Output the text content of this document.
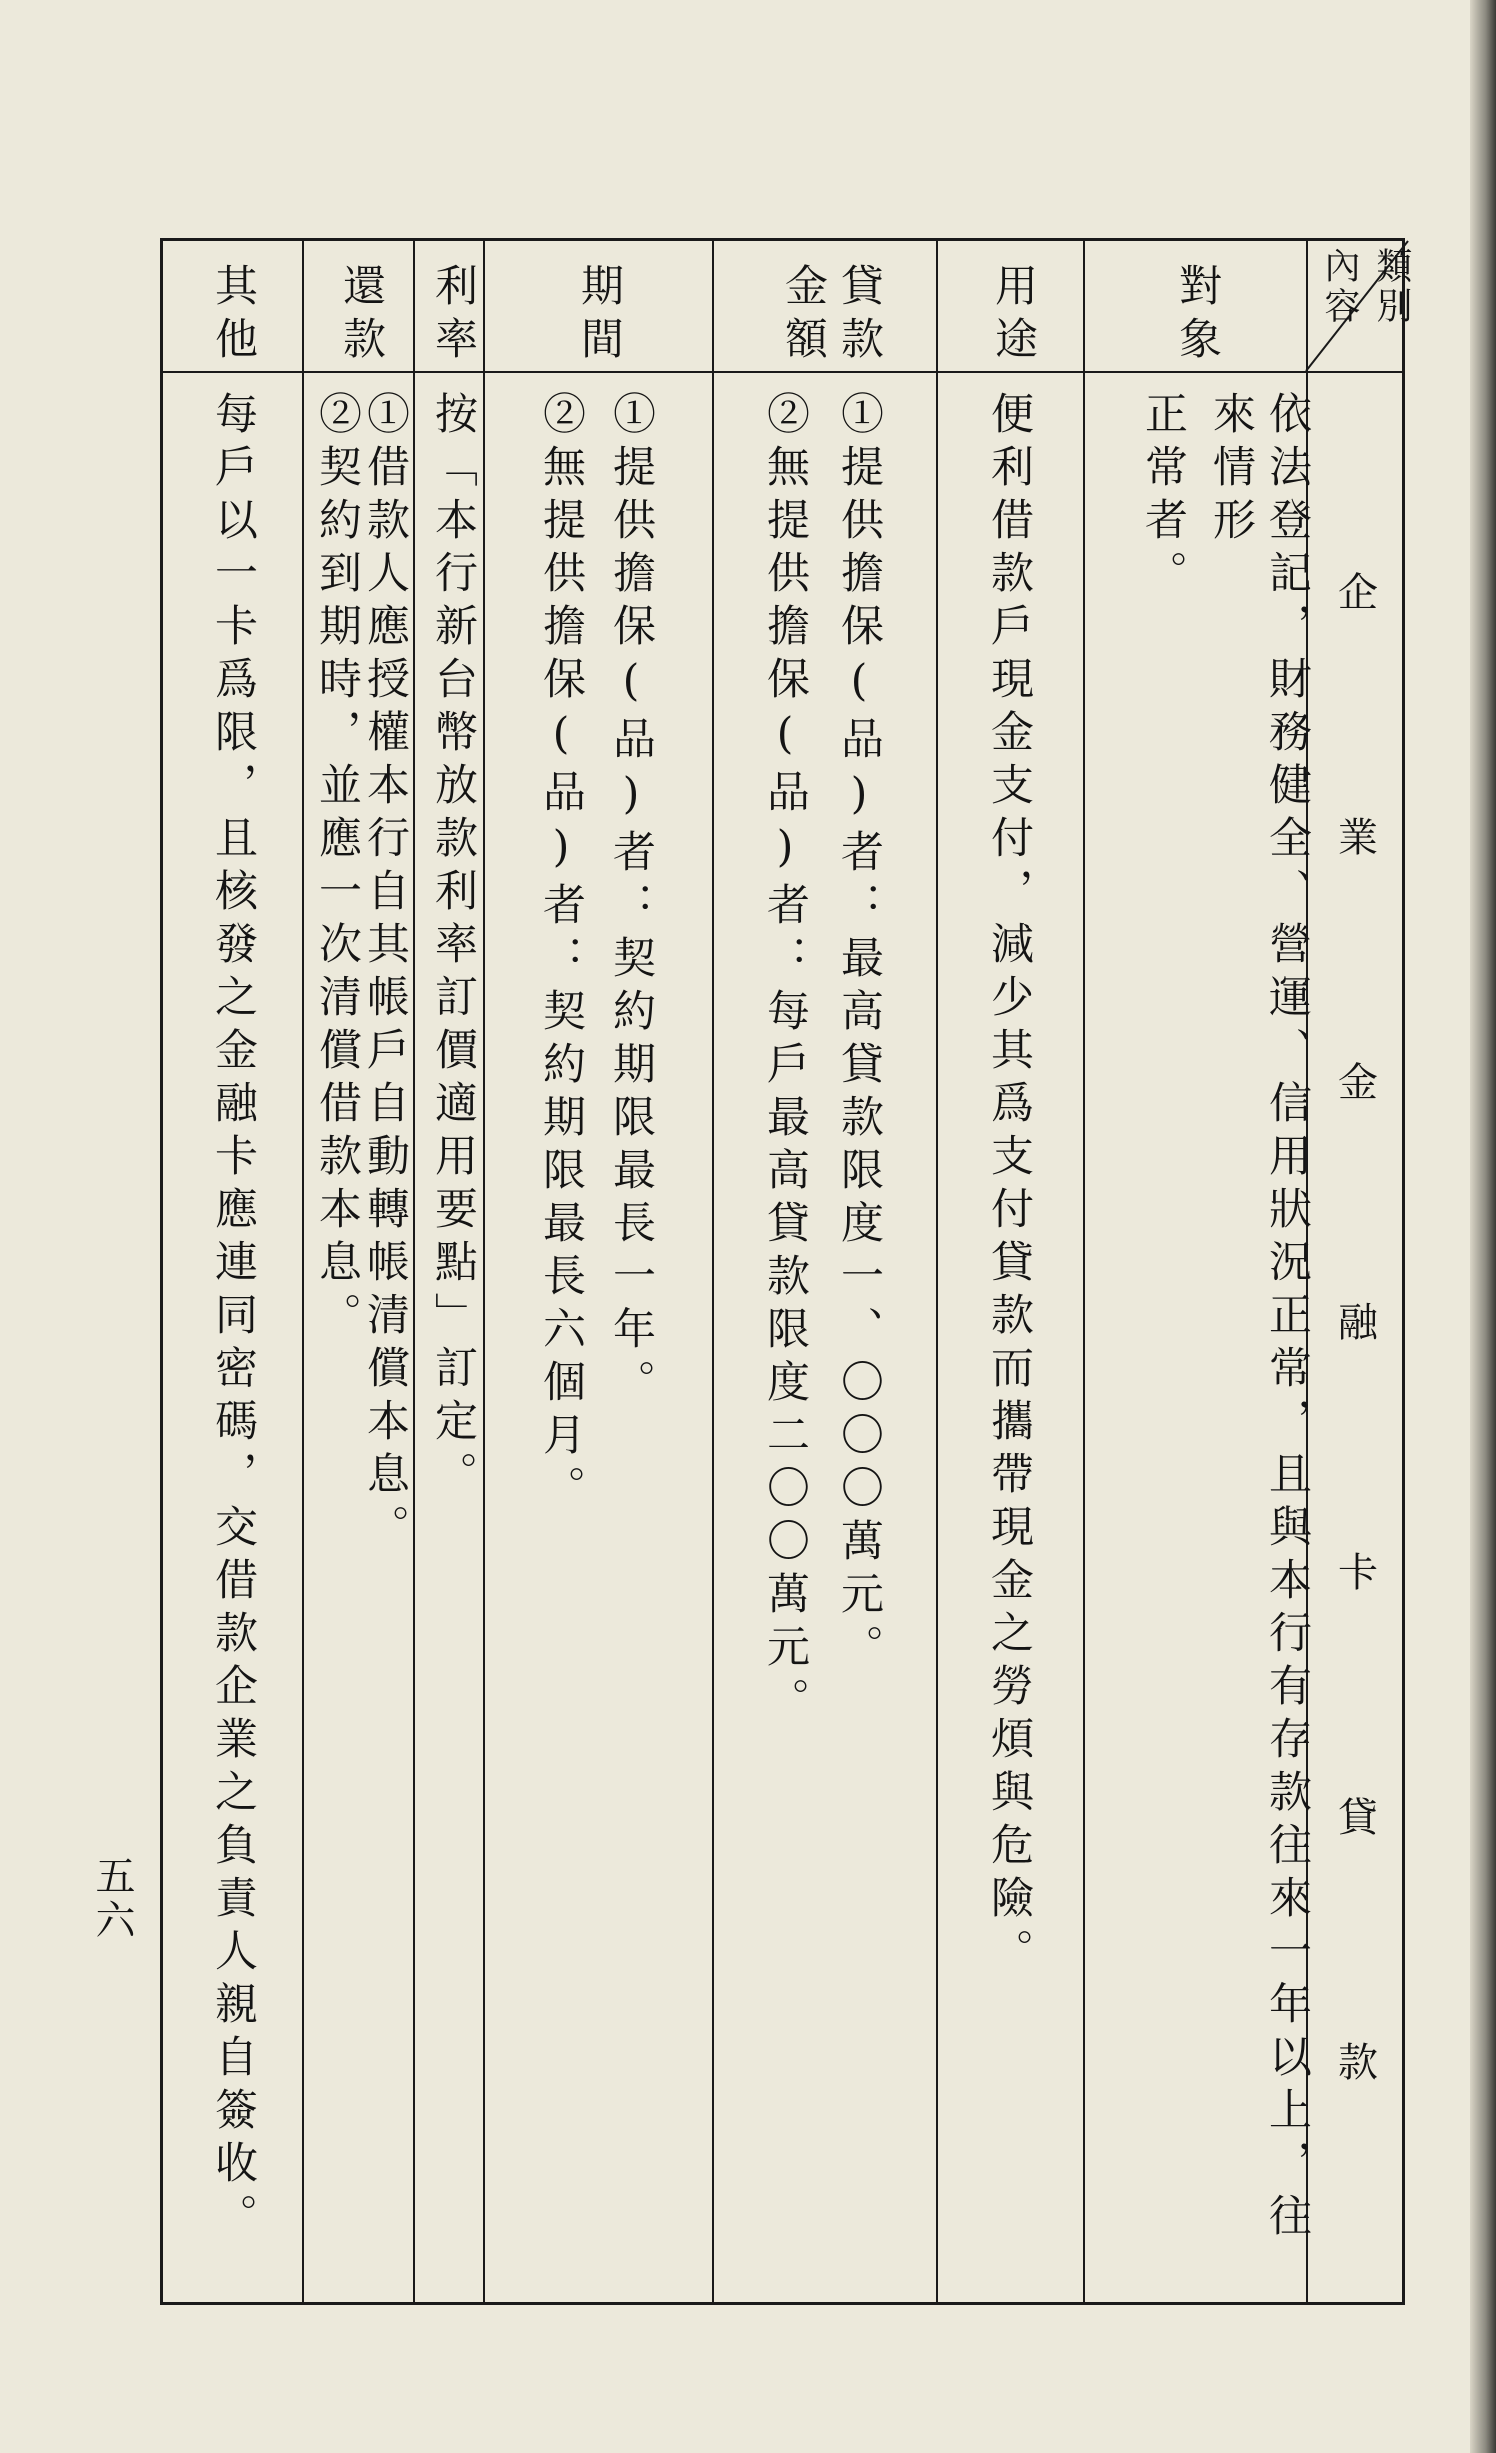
類別
內容
企
業
金
融
卡
貸
款
對象
用途
貸款金額
期間
利率
還款
其他
依法登記，財務健全、營運、信用狀況正常，且與本行有存款往來一年以上，往來情形
正常者。
便利借款戶現金支付，減少其爲支付貸款而攜帶現金之勞煩與危險。
①提供擔保(品)者：最高貸款限度一、〇〇〇萬元。
②無提供擔保(品)者：每戶最高貸款限度二〇〇萬元。
①提供擔保(品)者：契約期限最長一年。
②無提供擔保(品)者：契約期限最長六個月。
按「本行新台幣放款利率訂價適用要點」訂定。
①借款人應授權本行自其帳戶自動轉帳清償本息。
②契約到期時，並應一次清償借款本息。
每戶以一卡爲限，且核發之金融卡應連同密碼，交借款企業之負責人親自簽收。
五六
